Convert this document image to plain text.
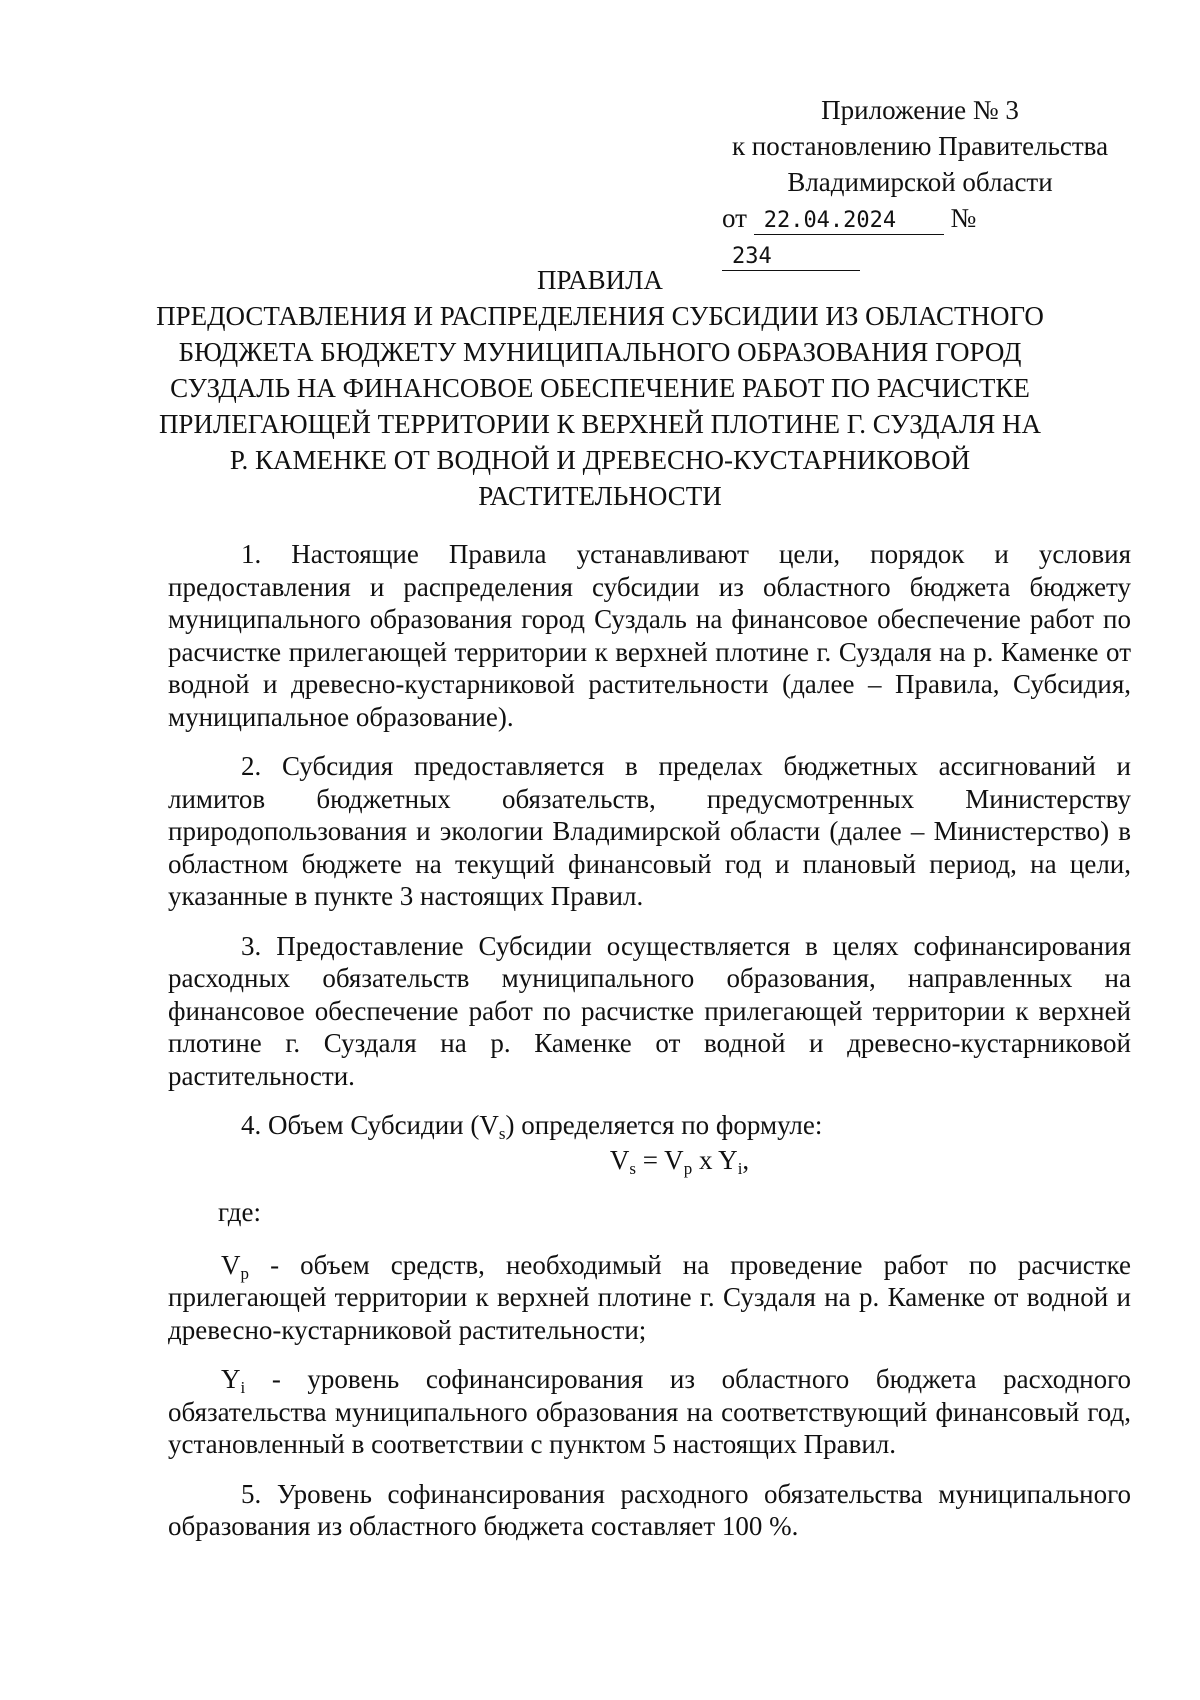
Приложение № 3
к постановлению Правительства
Владимирской области
от 22.04.2024 № 234
ПРАВИЛА
ПРЕДОСТАВЛЕНИЯ И РАСПРЕДЕЛЕНИЯ СУБСИДИИ ИЗ ОБЛАСТНОГО БЮДЖЕТА БЮДЖЕТУ МУНИЦИПАЛЬНОГО ОБРАЗОВАНИЯ ГОРОД СУЗДАЛЬ НА ФИНАНСОВОЕ ОБЕСПЕЧЕНИЕ РАБОТ ПО РАСЧИСТКЕ ПРИЛЕГАЮЩЕЙ ТЕРРИТОРИИ К ВЕРХНЕЙ ПЛОТИНЕ Г. СУЗДАЛЯ НА Р. КАМЕНКЕ ОТ ВОДНОЙ И ДРЕВЕСНО-КУСТАРНИКОВОЙ РАСТИТЕЛЬНОСТИ

1. Настоящие Правила устанавливают цели, порядок и условия предоставления и распределения субсидии из областного бюджета бюджету муниципального образования город Суздаль на финансовое обеспечение работ по расчистке прилегающей территории к верхней плотине г. Суздаля на р. Каменке от водной и древесно-кустарниковой растительности (далее – Правила, Субсидия, муниципальное образование).

2. Субсидия предоставляется в пределах бюджетных ассигнований и лимитов бюджетных обязательств, предусмотренных Министерству природопользования и экологии Владимирской области (далее – Министерство) в областном бюджете на текущий финансовый год и плановый период, на цели, указанные в пункте 3 настоящих Правил.

3. Предоставление Субсидии осуществляется в целях софинансирования расходных обязательств муниципального образования, направленных на финансовое обеспечение работ по расчистке прилегающей территории к верхней плотине г. Суздаля на р. Каменке от водной и древесно-кустарниковой растительности.

4. Объем Субсидии $(V_s)$ определяется по формуле:

$V_s = V_p$ x $Y_i$,

где:

$V_p$ - объем средств, необходимый на проведение работ по расчистке прилегающей территории к верхней плотине г. Суздаля на р. Каменке от водной и древесно-кустарниковой растительности;

$Y_i$ - уровень софинансирования из областного бюджета расходного обязательства муниципального образования на соответствующий финансовый год, установленный в соответствии с пунктом 5 настоящих Правил.

5. Уровень софинансирования расходного обязательства муниципального образования из областного бюджета составляет 100 %.
